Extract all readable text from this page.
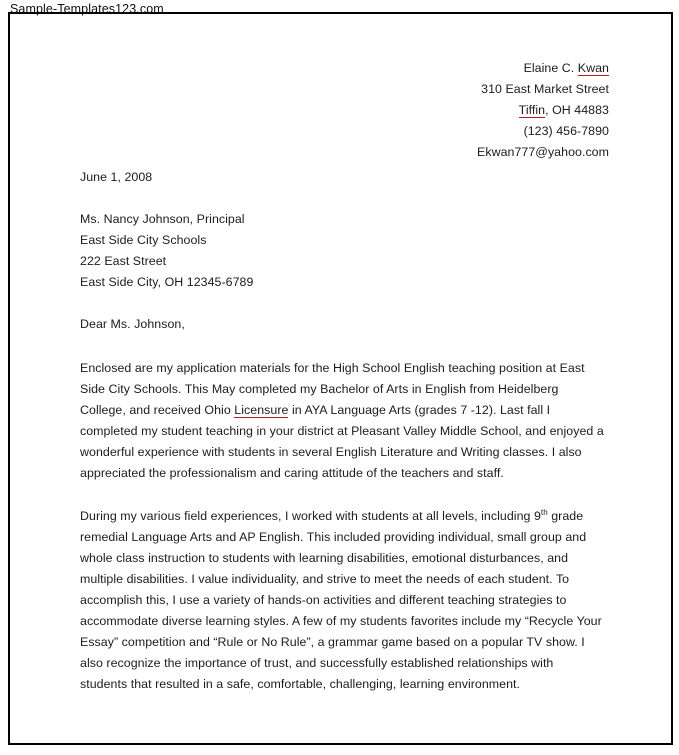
Sample-Templates123.com
Elaine C. Kwan
310 East Market Street
Tiffin, OH 44883
(123) 456-7890
Ekwan777@yahoo.com
June 1, 2008
Ms. Nancy Johnson, Principal
East Side City Schools
222 East Street
East Side City, OH 12345-6789
Dear Ms. Johnson,
Enclosed are my application materials for the High School English teaching position at East Side City Schools. This May completed my Bachelor of Arts in English from Heidelberg College, and received Ohio Licensure in AYA Language Arts (grades 7 -12). Last fall I completed my student teaching in your district at Pleasant Valley Middle School, and enjoyed a wonderful experience with students in several English Literature and Writing classes. I also appreciated the professionalism and caring attitude of the teachers and staff.
During my various field experiences, I worked with students at all levels, including 9th grade remedial Language Arts and AP English. This included providing individual, small group and whole class instruction to students with learning disabilities, emotional disturbances, and multiple disabilities. I value individuality, and strive to meet the needs of each student. To accomplish this, I use a variety of hands-on activities and different teaching strategies to accommodate diverse learning styles. A few of my students favorites include my “Recycle Your Essay” competition and “Rule or No Rule”, a grammar game based on a popular TV show. I also recognize the importance of trust, and successfully established relationships with students that resulted in a safe, comfortable, challenging, learning environment.
